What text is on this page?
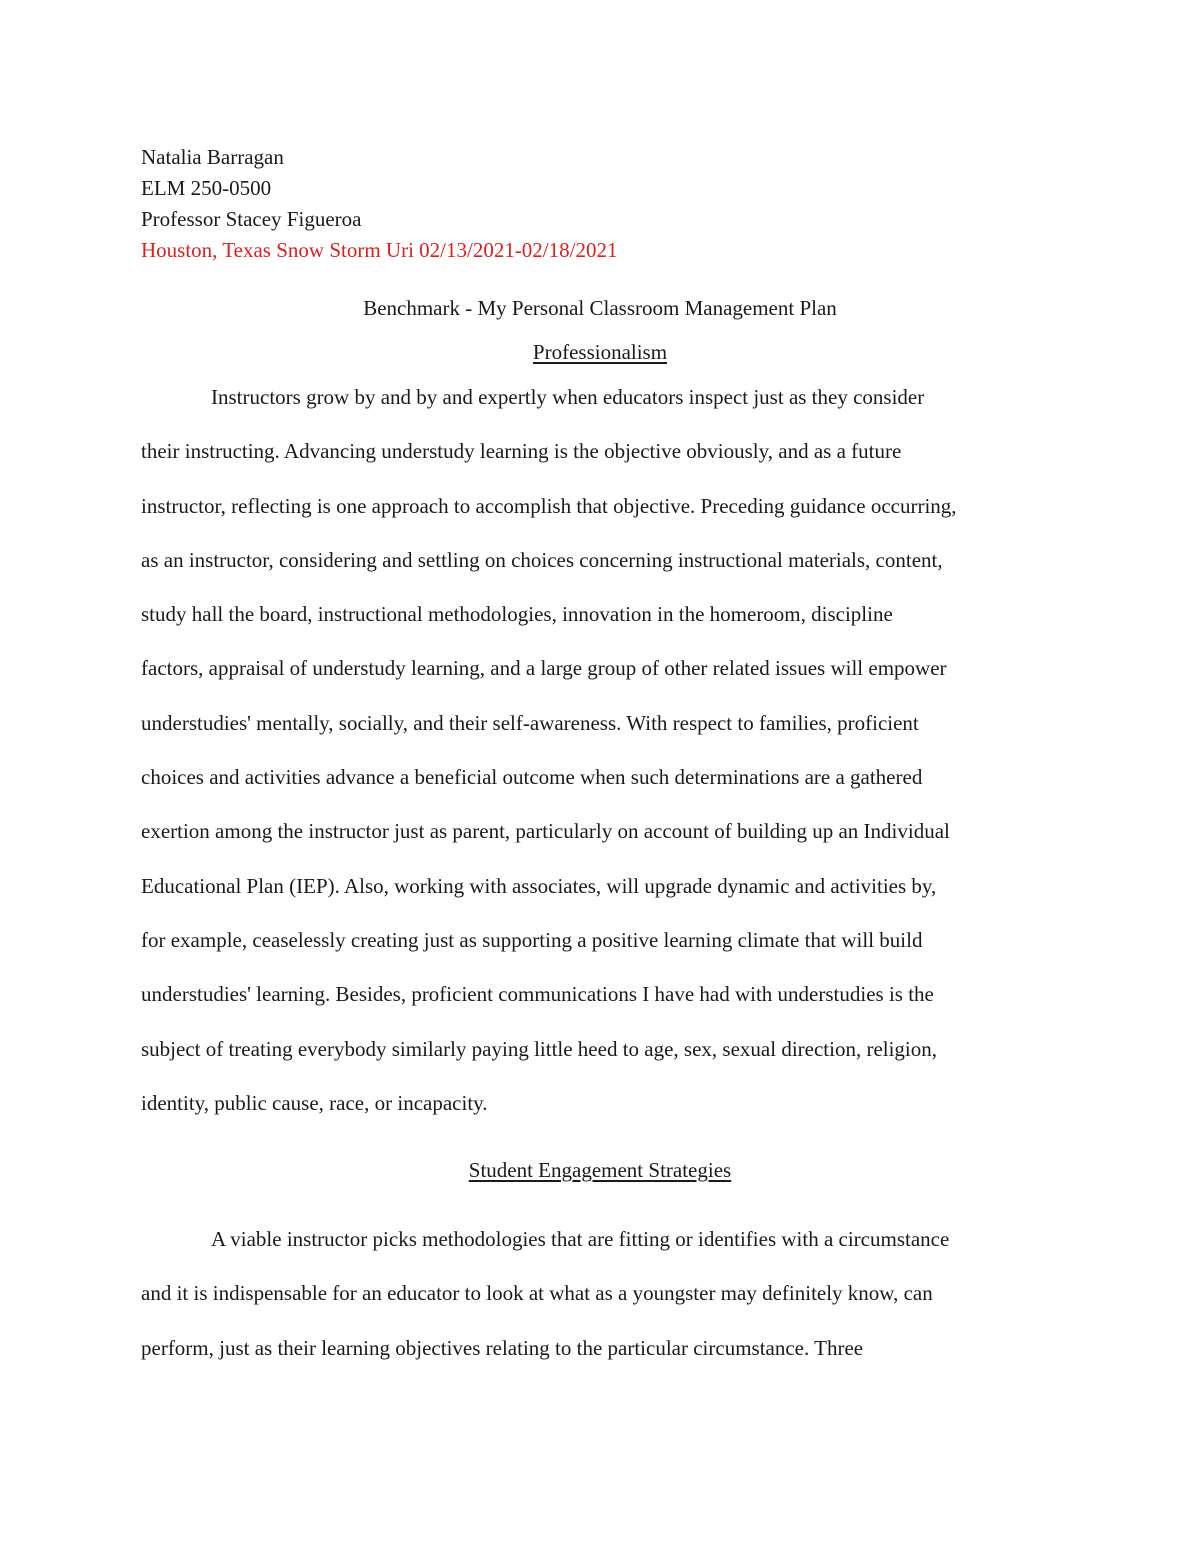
Natalia Barragan
ELM 250-0500
Professor Stacey Figueroa
Houston, Texas Snow Storm Uri 02/13/2021-02/18/2021
Benchmark - My Personal Classroom Management Plan
Professionalism
Instructors grow by and by and expertly when educators inspect just as they consider
their instructing. Advancing understudy learning is the objective obviously, and as a future
instructor, reflecting is one approach to accomplish that objective. Preceding guidance occurring,
as an instructor, considering and settling on choices concerning instructional materials, content,
study hall the board, instructional methodologies, innovation in the homeroom, discipline
factors, appraisal of understudy learning, and a large group of other related issues will empower
understudies' mentally, socially, and their self-awareness. With respect to families, proficient
choices and activities advance a beneficial outcome when such determinations are a gathered
exertion among the instructor just as parent, particularly on account of building up an Individual
Educational Plan (IEP). Also, working with associates, will upgrade dynamic and activities by,
for example, ceaselessly creating just as supporting a positive learning climate that will build
understudies' learning. Besides, proficient communications I have had with understudies is the
subject of treating everybody similarly paying little heed to age, sex, sexual direction, religion,
identity, public cause, race, or incapacity.
Student Engagement Strategies
A viable instructor picks methodologies that are fitting or identifies with a circumstance
and it is indispensable for an educator to look at what as a youngster may definitely know, can
perform, just as their learning objectives relating to the particular circumstance. Three
